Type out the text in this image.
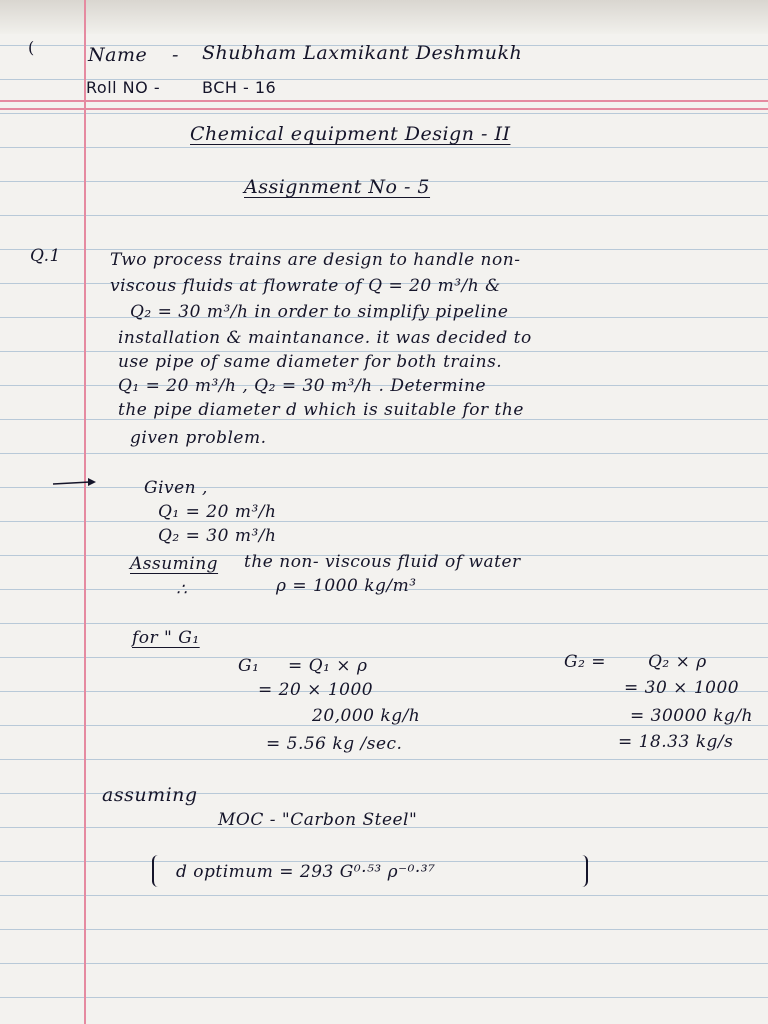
(	Name - Shubham Laxmikant Deshmukh
Roll NO -	BCH - 16
Chemical equipment Design - II
Assignment No - 5
Q.1	Two process trains are design to handle non-
viscous fluids at flowrate of Q = 20 m³/h &
Q₂ = 30 m³/h in order to simplify pipeline
installation & maintanance. it was decided to
use pipe of same diameter for both trains.
Q₁ = 20 m³/h , Q₂ = 30 m³/h . Determine
the pipe diameter d which is suitable for the
given problem.
Given ,
Q₁ = 20 m³/h
Q₂ = 30 m³/h
Assuming the non- viscous fluid of water
∴	ρ = 1000 kg/m³
for " G₁
G₁ = Q₁ × ρ
= 20 × 1000
20,000 kg/h
= 5.56 kg /sec.
G₂ = Q₂ × ρ
= 30 × 1000
= 30000 kg/h
= 18.33 kg/s
assuming
MOC - "Carbon Steel"
d optimum = 293 G⁰·⁵³ ρ⁻⁰·³⁷
